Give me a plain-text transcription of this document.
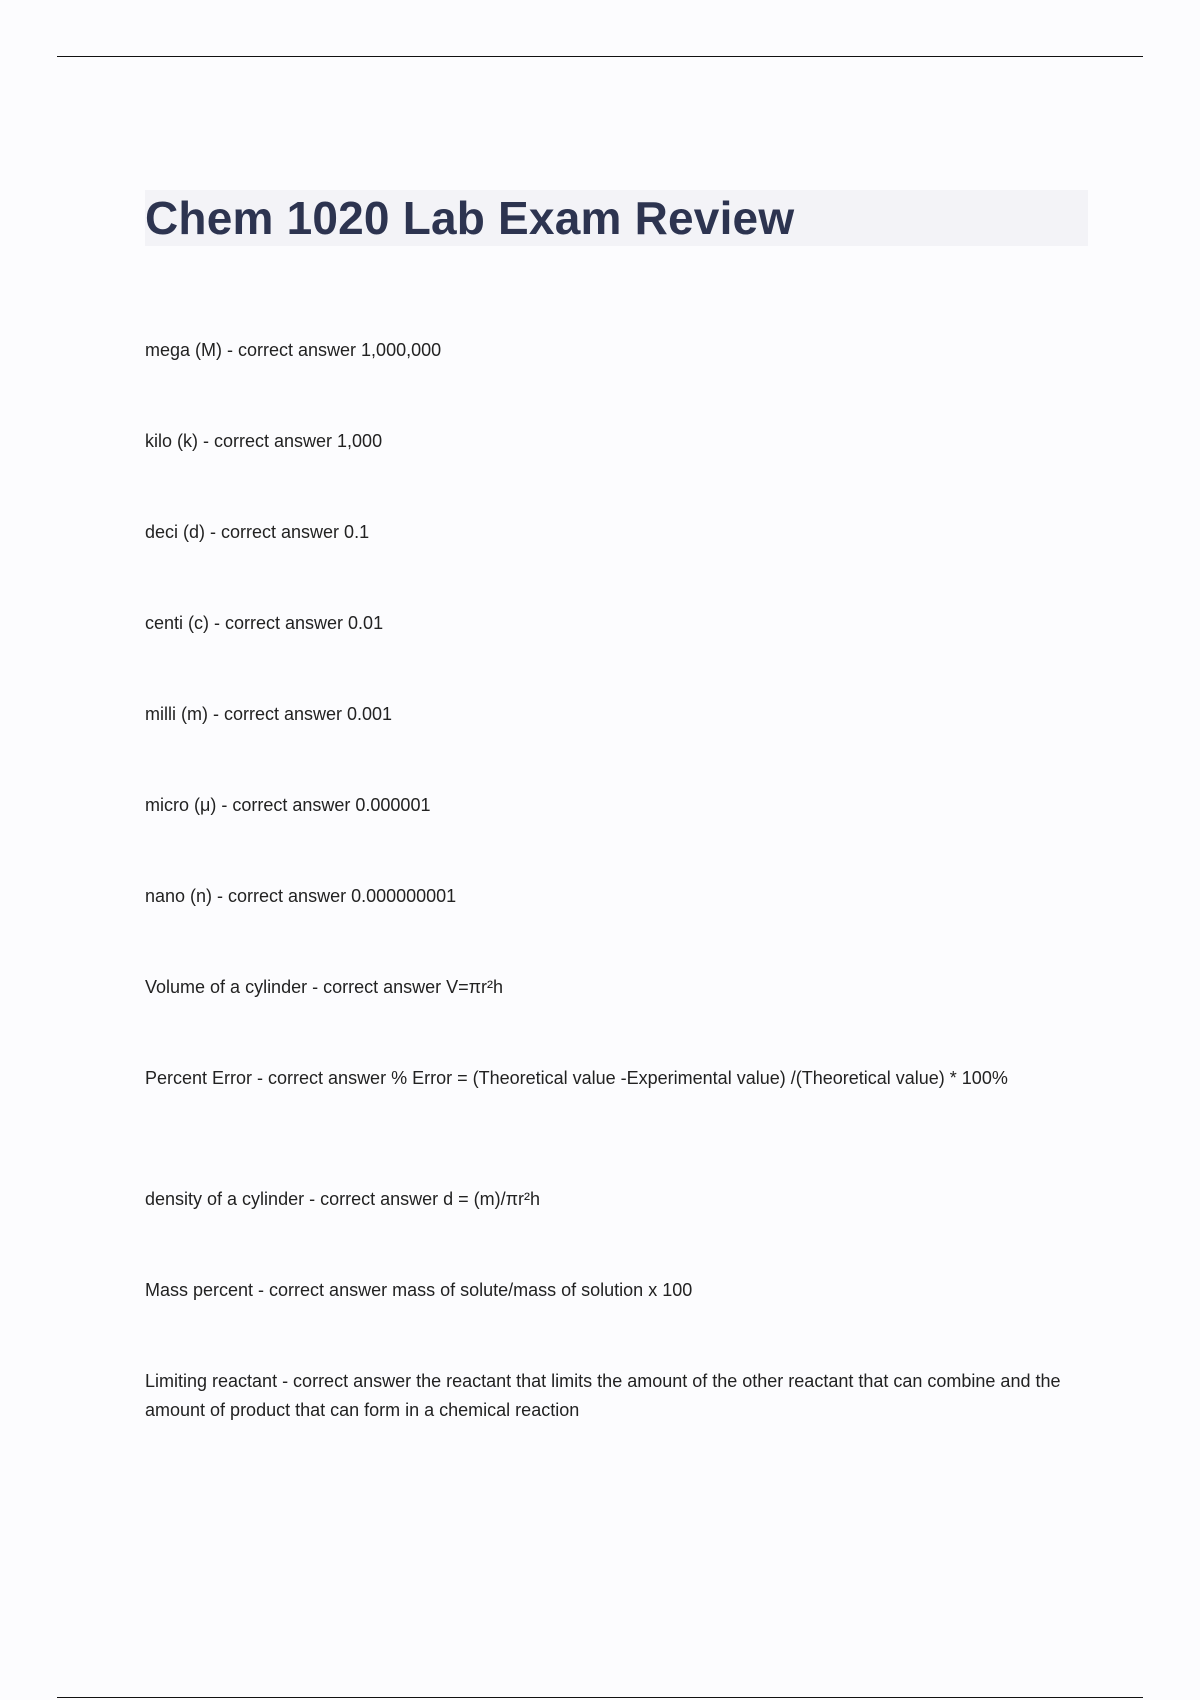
Chem 1020 Lab Exam Review

mega (M) - correct answer 1,000,000

kilo (k) - correct answer 1,000

deci (d) - correct answer 0.1

centi (c) - correct answer 0.01

milli (m) - correct answer 0.001

micro (μ) - correct answer 0.000001

nano (n) - correct answer 0.000000001

Volume of a cylinder - correct answer V=πr²h

Percent Error - correct answer % Error = (Theoretical value -Experimental value) /(Theoretical value) * 100%

density of a cylinder - correct answer d = (m)/πr²h

Mass percent - correct answer mass of solute/mass of solution x 100

Limiting reactant - correct answer the reactant that limits the amount of the other reactant that can combine and the amount of product that can form in a chemical reaction
